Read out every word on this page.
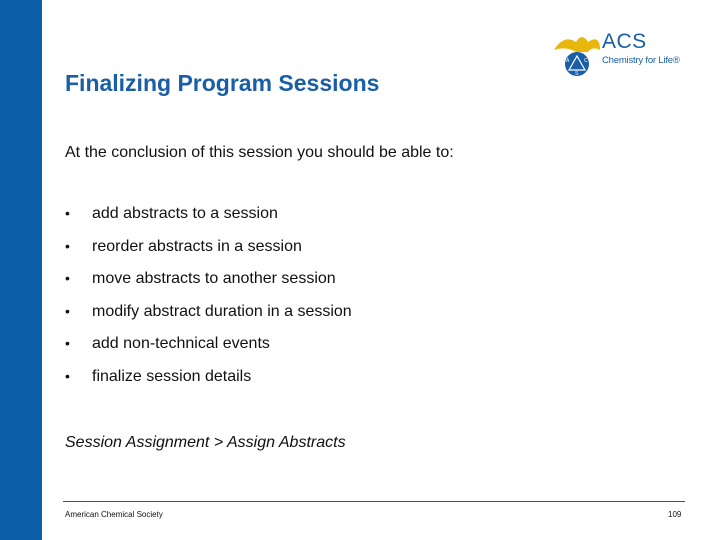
A	C
S
ACS
Chemistry for Life®
Finalizing Program Sessions
At the conclusion of this session you should be able to:
•	add abstracts to a session
•	reorder abstracts in a session
•	move abstracts to another session
•	modify abstract duration in a session
•	add non-technical events
•	finalize session details
Session Assignment > Assign Abstracts
American Chemical Society	109
